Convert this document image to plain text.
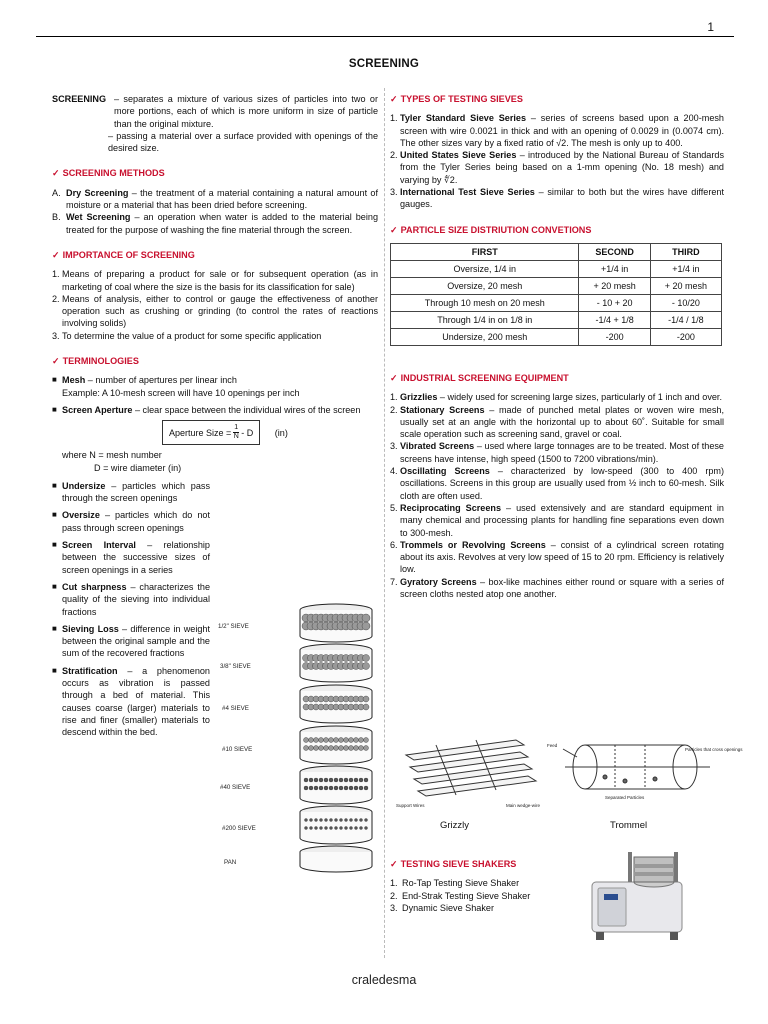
1
SCREENING
SCREENING – separates a mixture of various sizes of particles into two or more portions, each of which is more uniform in size of particle than the original mixture.
– passing a material over a surface provided with openings of the desired size.
✓ SCREENING METHODS
A. Dry Screening – the treatment of a material containing a natural amount of moisture or a material that has been dried before screening.
B. Wet Screening – an operation when water is added to the material being treated for the purpose of washing the fine material through the screen.
✓ IMPORTANCE OF SCREENING
1. Means of preparing a product for sale or for subsequent operation (as in marketing of coal where the size is the basis for its classification for sale)
2. Means of analysis, either to control or gauge the effectiveness of another operation such as crushing or grinding (to control the rates of reactions involving solids)
3. To determine the value of a product for some specific application
✓ TERMINOLOGIES
■ Mesh – number of apertures per linear inch
Example: A 10-mesh screen will have 10 openings per inch
■ Screen Aperture – clear space between the individual wires of the screen
Aperture Size = $\frac{1}{N}$ - D (in)
where N = mesh number
D = wire diameter (in)
■ Undersize – particles which pass through the screen openings
■ Oversize – particles which do not pass through screen openings
■ Screen Interval – relationship between the successive sizes of screen openings in a series
■ Cut sharpness – characterizes the quality of the sieving into individual fractions
■ Sieving Loss – difference in weight between the original sample and the sum of the recovered fractions
■ Stratification – a phenomenon occurs as vibration is passed through a bed of material. This causes coarse (larger) materials to rise and finer (smaller) materials to descend within the bed.
1/2" SIEVE
3/8" SIEVE
#4 SIEVE
#10 SIEVE
#40 SIEVE
#200 SIEVE
PAN
✓ TYPES OF TESTING SIEVES
1. Tyler Standard Sieve Series – series of screens based upon a 200-mesh screen with wire 0.0021 in thick and with an opening of 0.0029 in (0.0074 cm). The other sizes vary by a fixed ratio of √2. The mesh is only up to 400.
2. United States Sieve Series – introduced by the National Bureau of Standards from the Tyler Series being based on a 1-mm opening (No. 18 mesh) and varying by ∜2.
3. International Test Sieve Series – similar to both but the wires have different gauges.
✓ PARTICLE SIZE DISTRIUTION CONVETIONS
FIRST	SECOND	THIRD
Oversize, 1/4 in	+1/4 in	+1/4 in
Oversize, 20 mesh	+ 20 mesh	+ 20 mesh
Through 10 mesh on 20 mesh	- 10 + 20	- 10/20
Through 1/4 in on 1/8 in	-1/4 + 1/8	-1/4 / 1/8
Undersize, 200 mesh	-200	-200
✓ INDUSTRIAL SCREENING EQUIPMENT
1. Grizzlies – widely used for screening large sizes, particularly of 1 inch and over.
2. Stationary Screens – made of punched metal plates or woven wire mesh, usually set at an angle with the horizontal up to about 60˚. Suitable for small scale operation such as screening sand, gravel or coal.
3. Vibrated Screens – used where large tonnages are to be treated. Most of these screens have intense, high speed (1500 to 7200 vibrations/min).
4. Oscillating Screens – characterized by low-speed (300 to 400 rpm) oscillations. Screens in this group are usually used from ½ inch to 60-mesh. Silk cloth are often used.
5. Reciprocating Screens – used extensively and are standard equipment in many chemical and processing plants for handling fine separations even down to 300-mesh.
6. Trommels or Revolving Screens – consist of a cylindrical screen rotating about its axis. Revolves at very low speed of 15 to 20 rpm. Efficiency is relatively low.
7. Gyratory Screens – box-like machines either round or square with a series of screen cloths nested atop one another.
Support Wires	Main wedge-wire
Grizzly
Feed
Separated Particles
Particles that cross openings
Trommel
✓ TESTING SIEVE SHAKERS
1. Ro-Tap Testing Sieve Shaker
2. End-Strak Testing Sieve Shaker
3. Dynamic Sieve Shaker
craledesma
